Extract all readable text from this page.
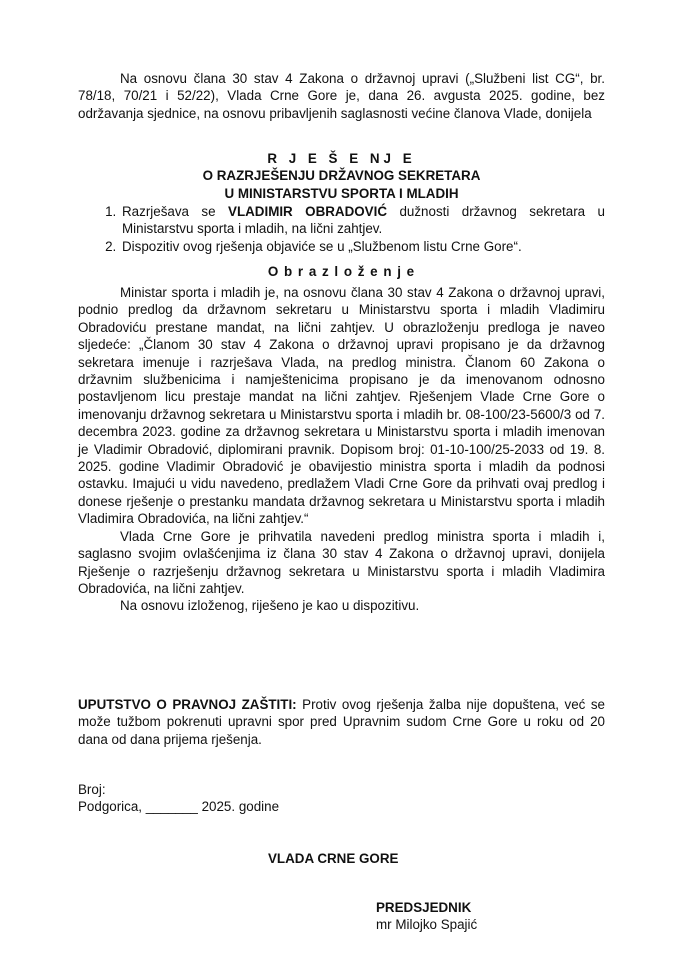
Na osnovu člana 30 stav 4 Zakona o državnoj upravi („Službeni list CG“, br. 78/18, 70/21 i 52/22), Vlada Crne Gore je, dana 26. avgusta 2025. godine, bez održavanja sjednice, na osnovu pribavljenih saglasnosti većine članova Vlade, donijela

R J E Š E NJ E

O RAZRJEŠENJU DRŽAVNOG SEKRETARA

U MINISTARSTVU SPORTA I MLADIH

1. Razrješava se VLADIMIR OBRADOVIĆ dužnosti državnog sekretara u Ministarstvu sporta i mladih, na lični zahtjev.
2. Dispozitiv ovog rješenja objaviće se u „Službenom listu Crne Gore“.
O b r a z l o ž e n j e

Ministar sporta i mladih je, na osnovu člana 30 stav 4 Zakona o državnoj upravi, podnio predlog da državnom sekretaru u Ministarstvu sporta i mladih Vladimiru Obradoviću prestane mandat, na lični zahtjev. U obrazloženju predloga je naveo sljedeće: „Članom 30 stav 4 Zakona o državnoj upravi propisano je da državnog sekretara imenuje i razrješava Vlada, na predlog ministra. Članom 60 Zakona o državnim službenicima i namještenicima propisano je da imenovanom odnosno postavljenom licu prestaje mandat na lični zahtjev. Rješenjem Vlade Crne Gore o imenovanju državnog sekretara u Ministarstvu sporta i mladih br. 08-100/23-5600/3 od 7. decembra 2023. godine za državnog sekretara u Ministarstvu sporta i mladih imenovan je Vladimir Obradović, diplomirani pravnik. Dopisom broj: 01-10-100/25-2033 od 19. 8. 2025. godine Vladimir Obradović je obavijestio ministra sporta i mladih da podnosi ostavku. Imajući u vidu navedeno, predlažem Vladi Crne Gore da prihvati ovaj predlog i donese rješenje o prestanku mandata državnog sekretara u Ministarstvu sporta i mladih Vladimira Obradovića, na lični zahtjev.“

Vlada Crne Gore je prihvatila navedeni predlog ministra sporta i mladih i, saglasno svojim ovlašćenjima iz člana 30 stav 4 Zakona o državnoj upravi, donijela Rješenje o razrješenju državnog sekretara u Ministarstvu sporta i mladih Vladimira Obradovića, na lični zahtjev.

Na osnovu izloženog, riješeno je kao u dispozitivu.

UPUTSTVO O PRAVNOJ ZAŠTITI: Protiv ovog rješenja žalba nije dopuštena, već se može tužbom pokrenuti upravni spor pred Upravnim sudom Crne Gore u roku od 20 dana od dana prijema rješenja.
Broj:
Podgorica, _______ 2025. godine
VLADA CRNE GORE
PREDSJEDNIK
mr Milojko Spajić
